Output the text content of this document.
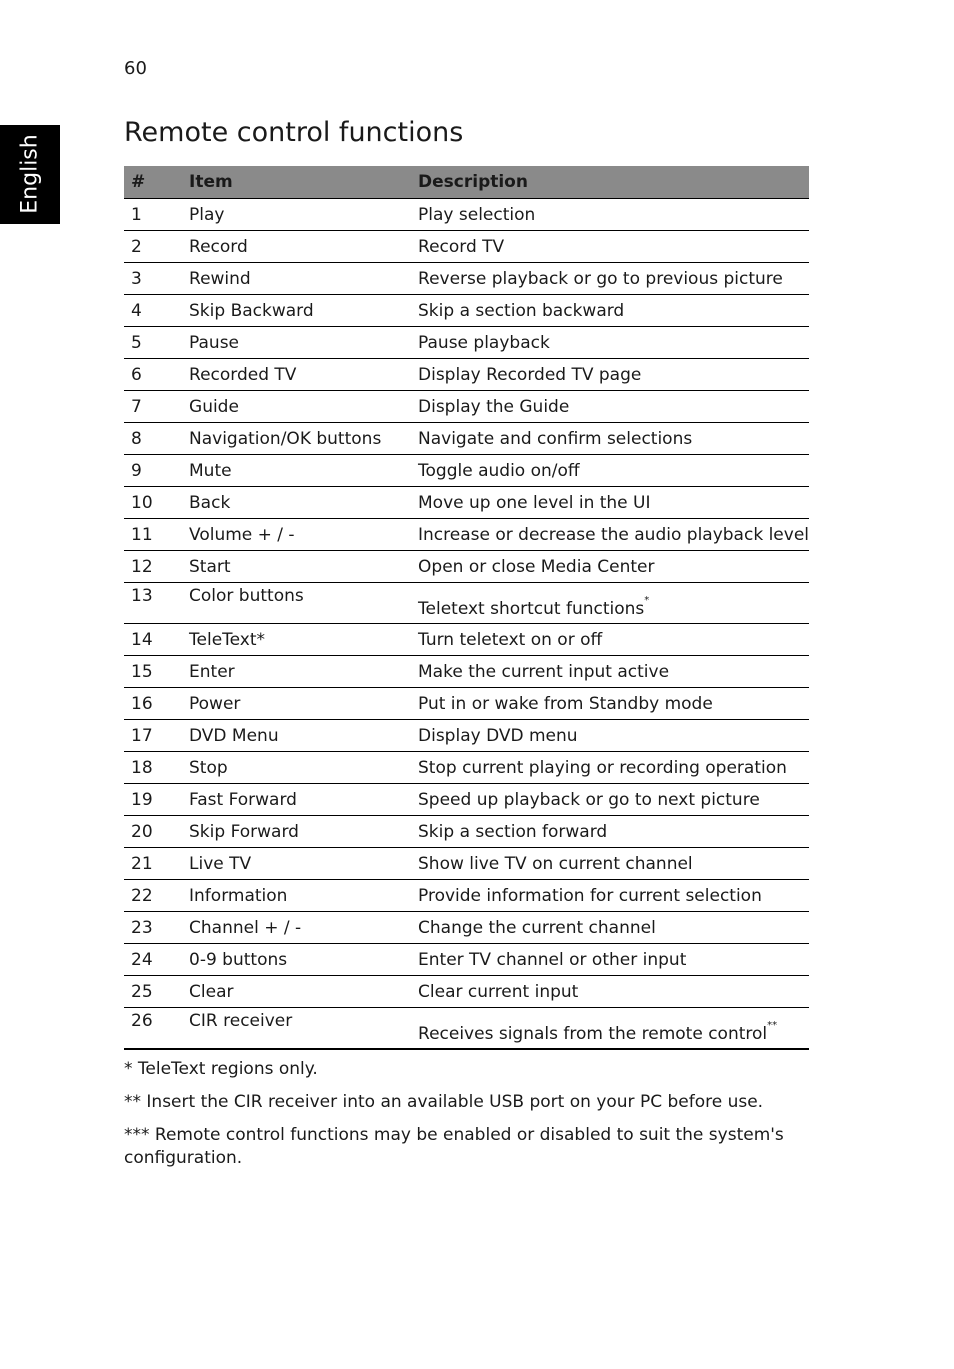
60
English
Remote control functions
#	Item	Description
1	Play	Play selection
2	Record	Record TV
3	Rewind	Reverse playback or go to previous picture
4	Skip Backward	Skip a section backward
5	Pause	Pause playback
6	Recorded TV	Display Recorded TV page
7	Guide	Display the Guide
8	Navigation/OK buttons	Navigate and confirm selections
9	Mute	Toggle audio on/off
10	Back	Move up one level in the UI
11	Volume + / -	Increase or decrease the audio playback level
12	Start	Open or close Media Center
13	Color buttons	Teletext shortcut functions*
14	TeleText*	Turn teletext on or off
15	Enter	Make the current input active
16	Power	Put in or wake from Standby mode
17	DVD Menu	Display DVD menu
18	Stop	Stop current playing or recording operation
19	Fast Forward	Speed up playback or go to next picture
20	Skip Forward	Skip a section forward
21	Live TV	Show live TV on current channel
22	Information	Provide information for current selection
23	Channel + / -	Change the current channel
24	0-9 buttons	Enter TV channel or other input
25	Clear	Clear current input
26	CIR receiver	Receives signals from the remote control**

* TeleText regions only.

** Insert the CIR receiver into an available USB port on your PC before use.

*** Remote control functions may be enabled or disabled to suit the system's configuration.
